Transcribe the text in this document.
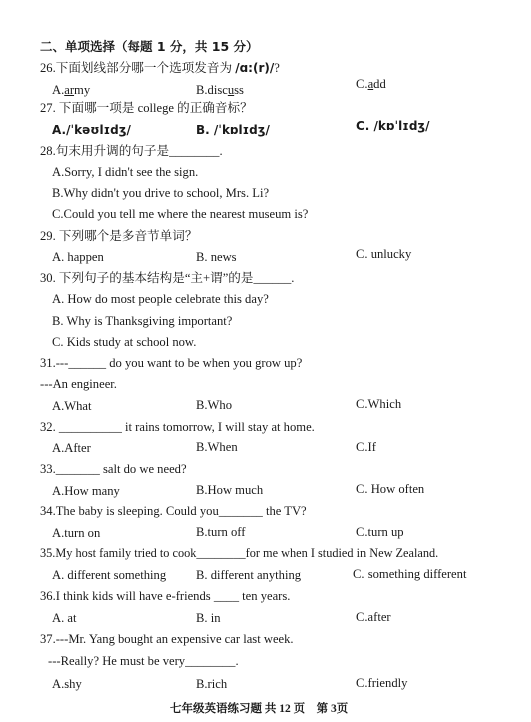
二、单项选择（每题 1 分，共 15 分）
26.下面划线部分哪一个选项发音为 /ɑ:(r)/?
A.army	B.discuss	C.add
27. 下面哪一项是 college 的正确音标？
A./ˈkəʊlɪdʒ/	B. /ˈkɒlɪdʒ/	C. /kɒˈlɪdʒ/
28.句末用升调的句子是________.
A.Sorry, I didn't see the sign.
B.Why didn't you drive to school, Mrs. Li?
C.Could you tell me where the nearest museum is?
29. 下列哪个是多音节单词？
A. happen	B. news	C. unlucky
30. 下列句子的基本结构是“主+谓”的是______.
A. How do most people celebrate this day?
B. Why is Thanksgiving important?
C. Kids study at school now.
31.---______ do you want to be when you grow up?
---An engineer.
A.What	B.Who	C.Which
32. __________ it rains tomorrow, I will stay at home.
A.After	B.When	C.If
33._______ salt do we need?
A.How many	B.How much	C. How often
34.The baby is sleeping. Could you_______ the TV?
A.turn on	B.turn off	C.turn up
35.My host family tried to cook________for me when I studied in New Zealand.
A. different something B. different anything	C. something different
36.I think kids will have e-friends ____ ten years.
A. at	B. in	C.after
37.---Mr. Yang bought an expensive car last week.
---Really? He must be very________.
A.shy	B.rich	C.friendly
七年级英语练习题 共 12 页　第 3页
